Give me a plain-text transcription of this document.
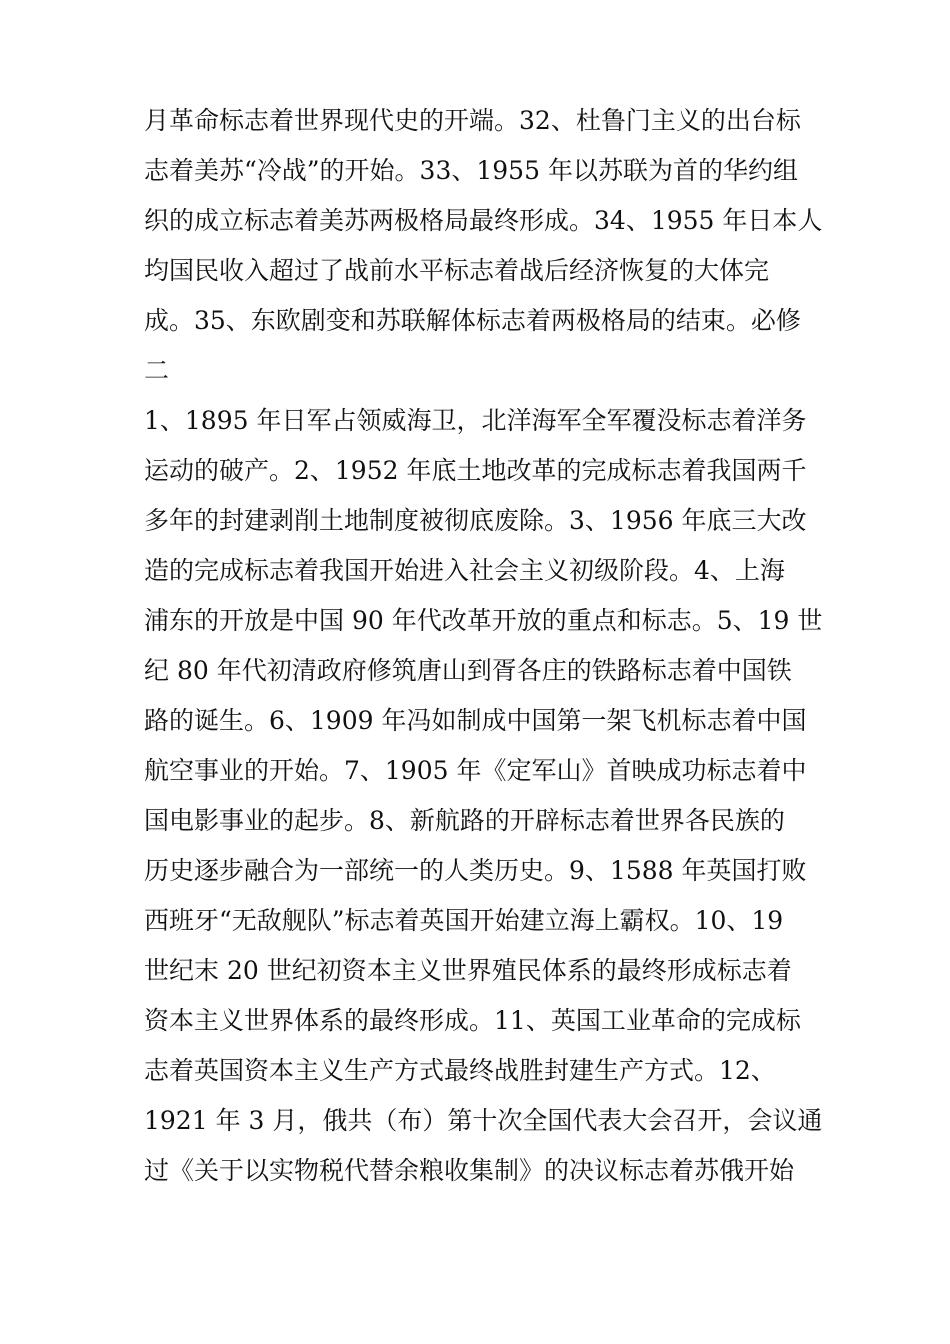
月革命标志着世界现代史的开端。32、杜鲁门主义的出台标
志着美苏“冷战”的开始。33、1955 年以苏联为首的华约组
织的成立标志着美苏两极格局最终形成。34、1955 年日本人
均国民收入超过了战前水平标志着战后经济恢复的大体完
成。35、东欧剧变和苏联解体标志着两极格局的结束。必修
二
1、1895 年日军占领威海卫，北洋海军全军覆没标志着洋务
运动的破产。2、1952 年底土地改革的完成标志着我国两千
多年的封建剥削土地制度被彻底废除。3、1956 年底三大改
造的完成标志着我国开始进入社会主义初级阶段。4、上海
浦东的开放是中国 90 年代改革开放的重点和标志。5、19 世
纪 80 年代初清政府修筑唐山到胥各庄的铁路标志着中国铁
路的诞生。6、1909 年冯如制成中国第一架飞机标志着中国
航空事业的开始。7、1905 年《定军山》首映成功标志着中
国电影事业的起步。8、新航路的开辟标志着世界各民族的
历史逐步融合为一部统一的人类历史。9、1588 年英国打败
西班牙“无敌舰队”标志着英国开始建立海上霸权。10、19
世纪末 20 世纪初资本主义世界殖民体系的最终形成标志着
资本主义世界体系的最终形成。11、英国工业革命的完成标
志着英国资本主义生产方式最终战胜封建生产方式。12、
1921 年 3 月，俄共（布）第十次全国代表大会召开，会议通
过《关于以实物税代替余粮收集制》的决议标志着苏俄开始
